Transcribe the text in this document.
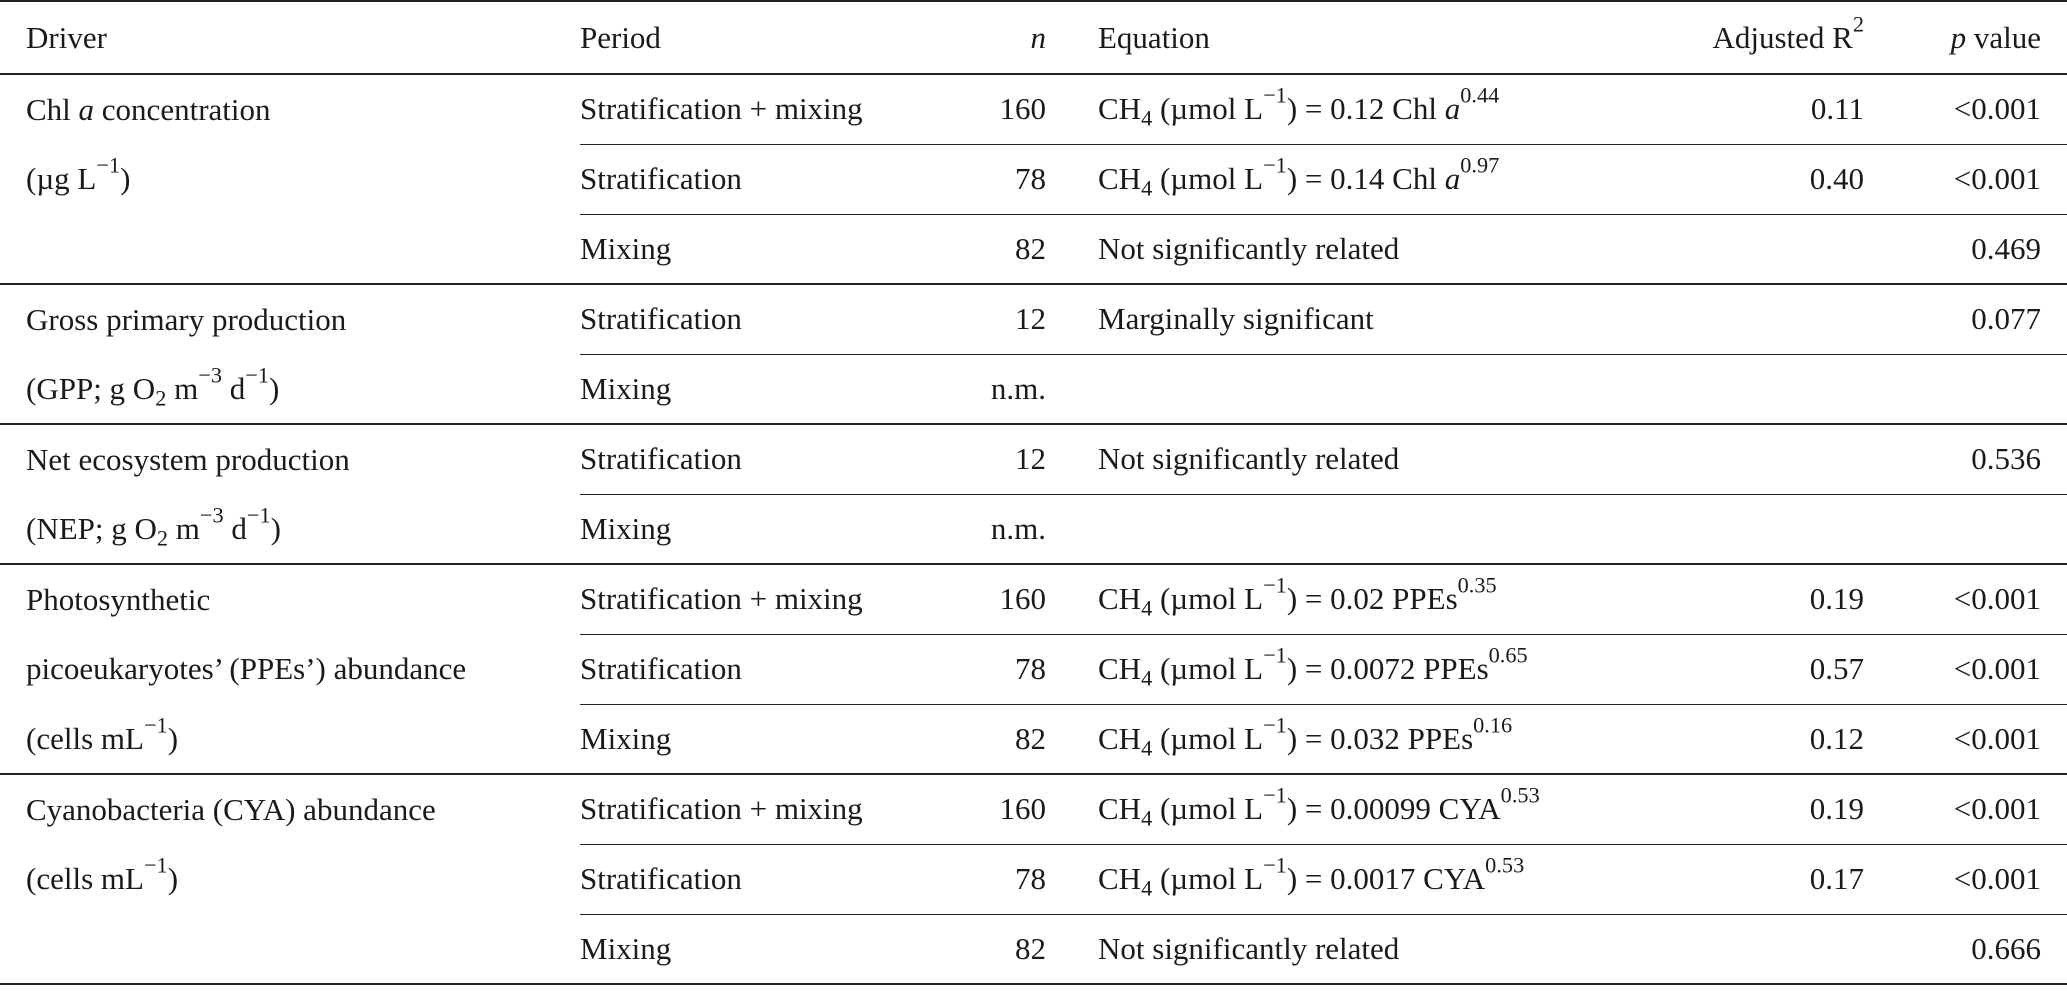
Driver	Period	n	Equation	Adjusted $R^2$	p value
Chl a concentration	Stratification + mixing	160	$CH_4$ (µmol $L^{-1}) = 0.12$ Chl $a^{0.44}$	0.11	<0.001
(µg $L^{-1}$)	Stratification	78	$CH_4$ (µmol $L^{-1}) = 0.14$ Chl $a^{0.97}$	0.40	<0.001
	Mixing	82	Not significantly related		0.469
Gross primary production	Stratification	12	Marginally significant		0.077
(GPP; g $O_2$ $m^{-3}$ $d^{-1}$)	Mixing	n.m.			
Net ecosystem production	Stratification	12	Not significantly related		0.536
(NEP; g $O_2$ $m^{-3}$ $d^{-1}$)	Mixing	n.m.			
Photosynthetic	Stratification + mixing	160	$CH_4$ (µmol $L^{-1}) = 0.02$ PPEs$^{0.35}$	0.19	<0.001
picoeukaryotes’ (PPEs’) abundance	Stratification	78	$CH_4$ (µmol $L^{-1}) = 0.0072$ PPEs$^{0.65}$	0.57	<0.001
(cells $mL^{-1}$)	Mixing	82	$CH_4$ (µmol $L^{-1}) = 0.032$ PPEs$^{0.16}$	0.12	<0.001
Cyanobacteria (CYA) abundance	Stratification + mixing	160	$CH_4$ (µmol $L^{-1}) = 0.00099$ $CYA^{0.53}$	0.19	<0.001
(cells $mL^{-1}$)	Stratification	78	$CH_4$ (µmol $L^{-1}) = 0.0017$ $CYA^{0.53}$	0.17	<0.001
	Mixing	82	Not significantly related		0.666
